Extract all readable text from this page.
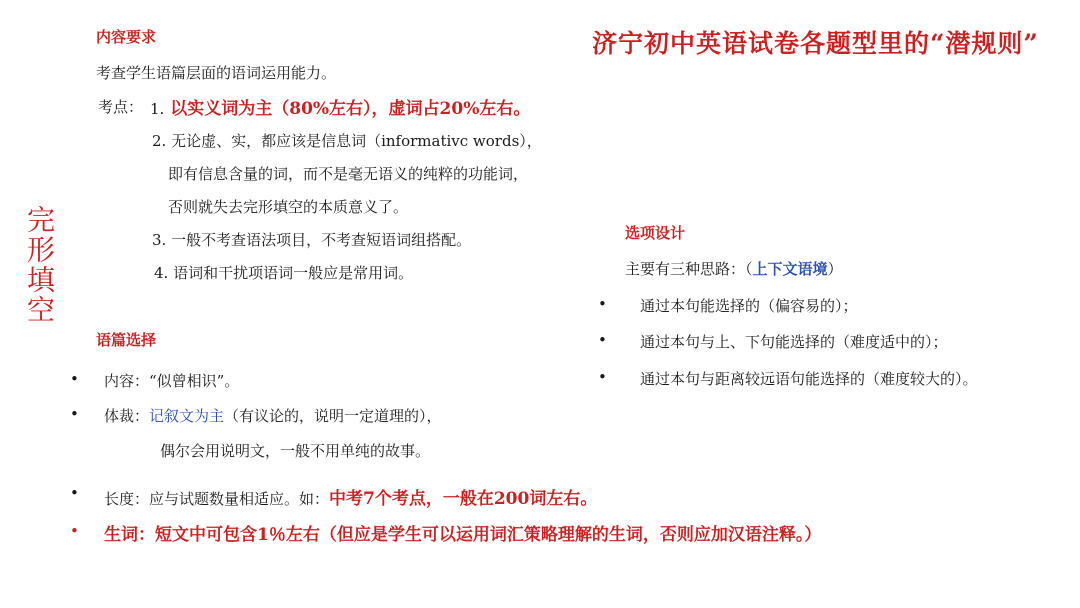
济宁初中英语试卷各题型里的“潜规则”
完形填空
内容要求
考查学生语篇层面的语词运用能力。
考点： 1. 以实义词为主（80%左右），虚词占20%左右。
2. 无论虚、实，都应该是信息词（informativc words），
即有信息含量的词，而不是毫无语义的纯粹的功能词，
否则就失去完形填空的本质意义了。
3. 一般不考查语法项目，不考查短语词组搭配。
4. 语词和干扰项语词一般应是常用词。
语篇选择
• 内容：“似曾相识”。
• 体裁：记叙文为主（有议论的，说明一定道理的），
偶尔会用说明文，一般不用单纯的故事。
• 长度：应与试题数量相适应。如：中考7个考点，一般在200词左右。
• 生词：短文中可包含1％左右（但应是学生可以运用词汇策略理解的生词，否则应加汉语注释。）
选项设计
主要有三种思路：（上下文语境）
• 通过本句能选择的（偏容易的）；
• 通过本句与上、下句能选择的（难度适中的）；
• 通过本句与距离较远语句能选择的（难度较大的）。
